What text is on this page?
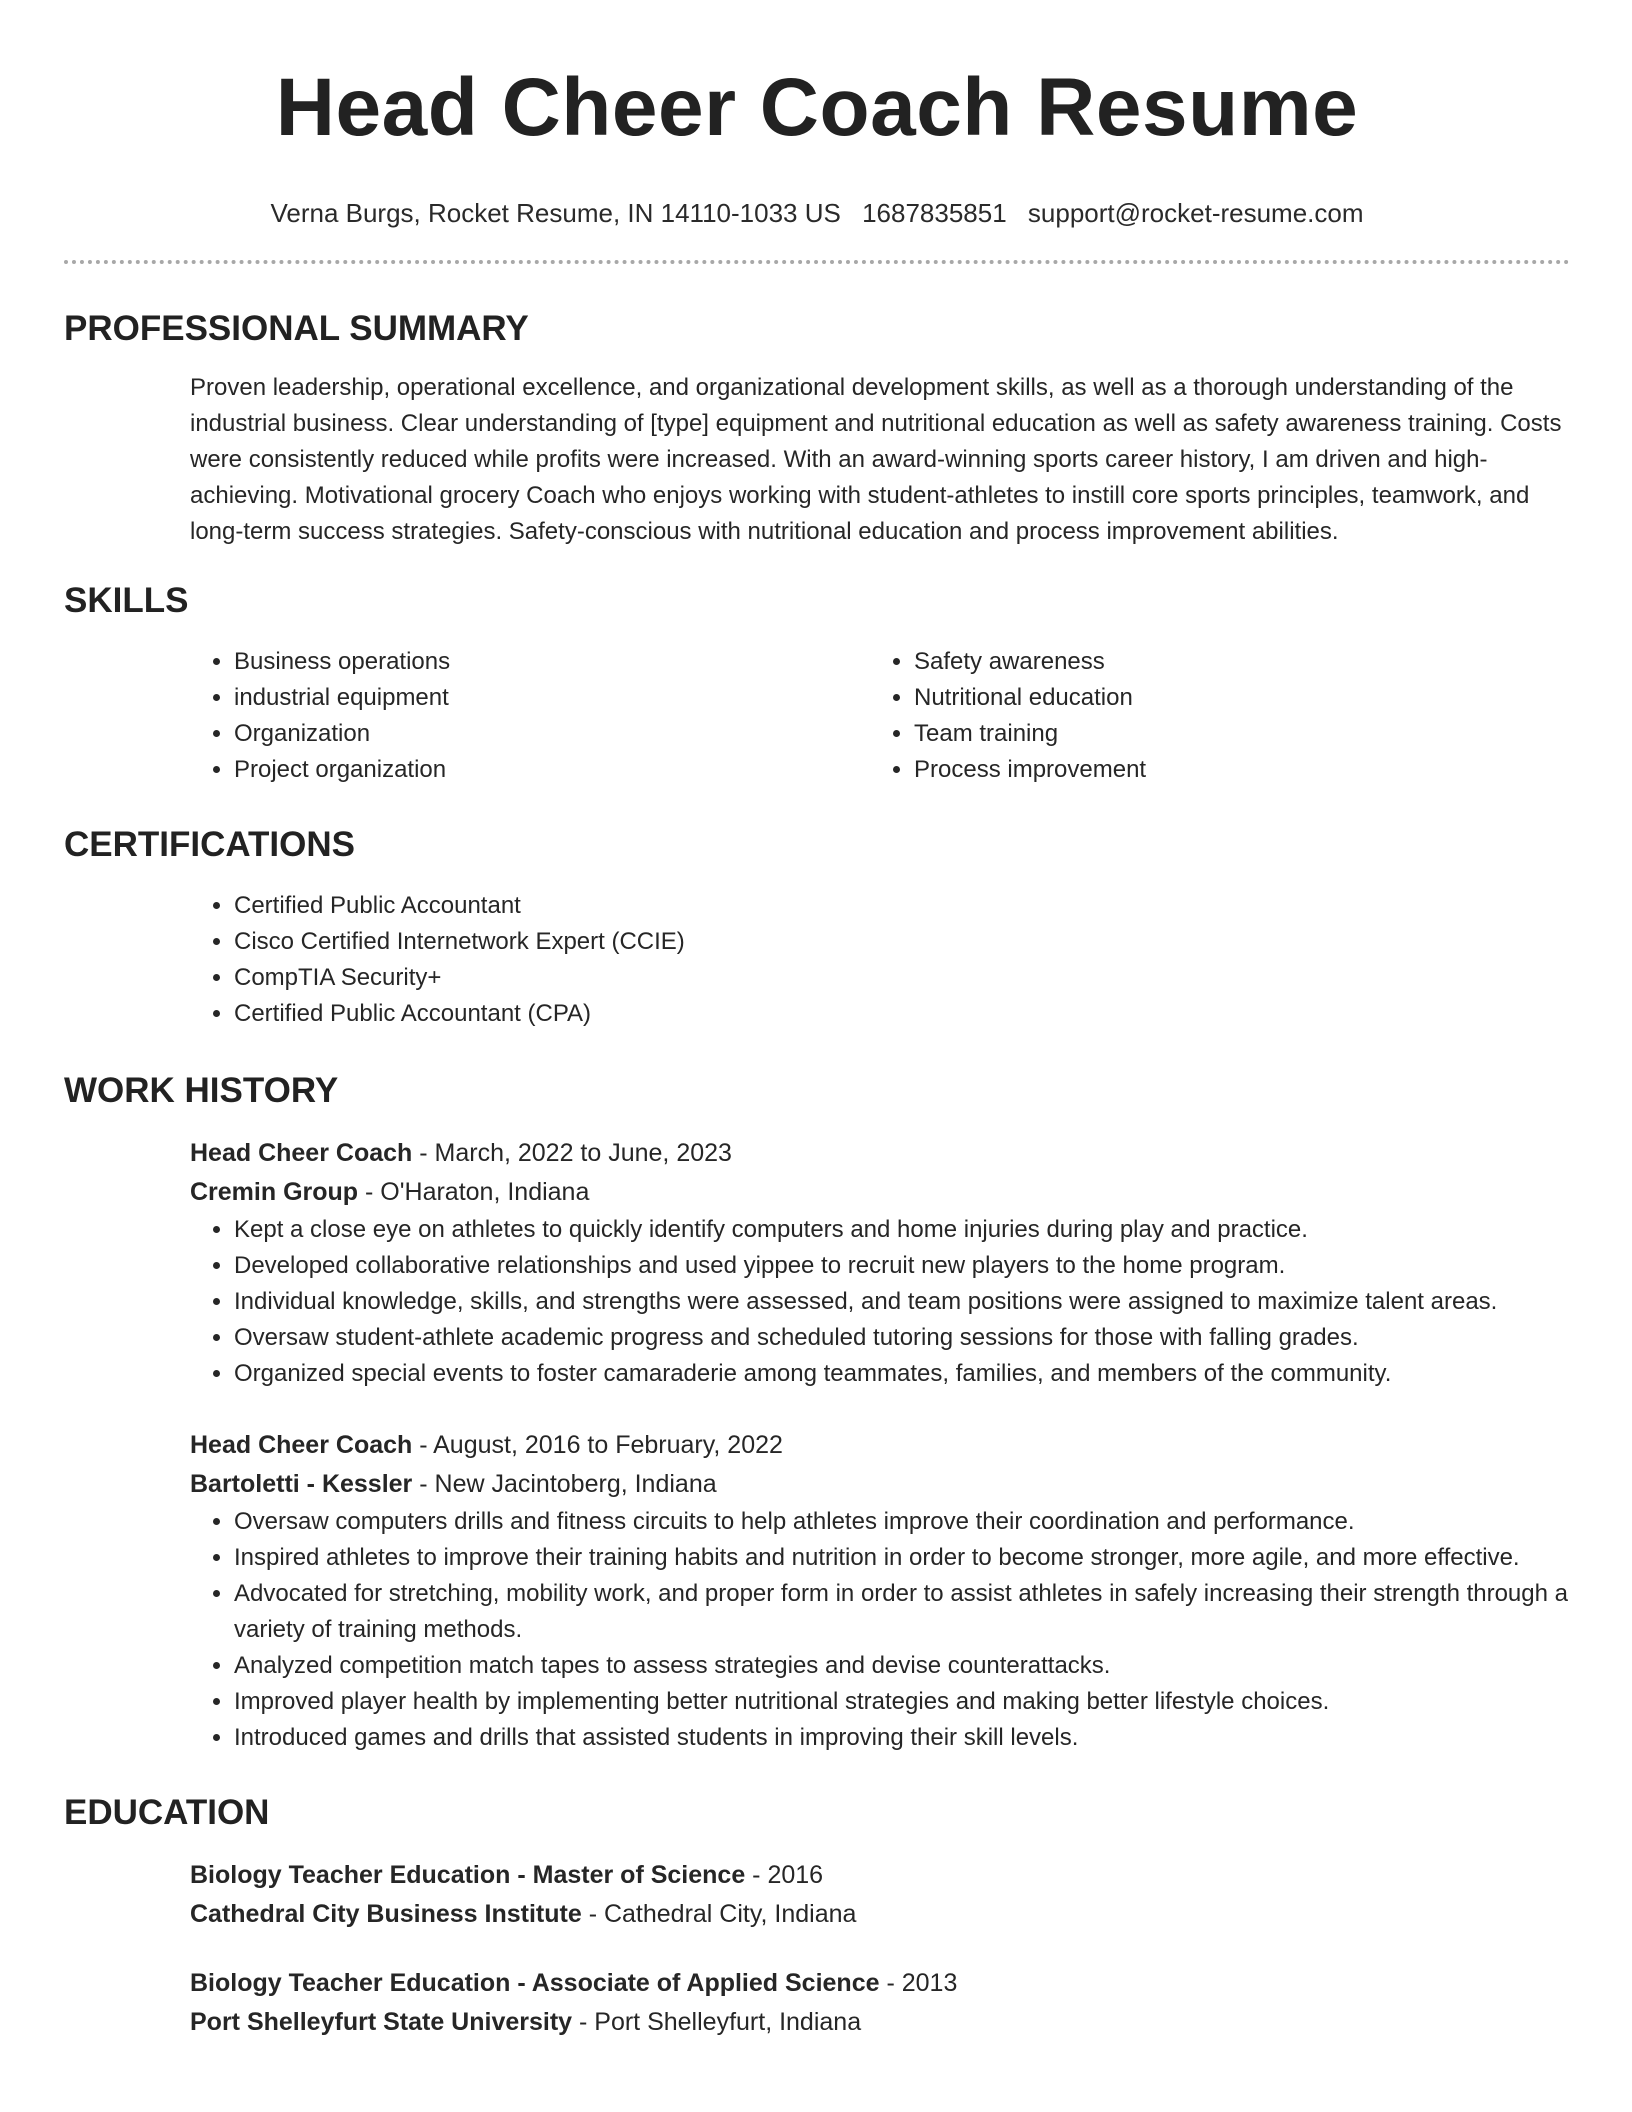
Head Cheer Coach Resume
Verna Burgs, Rocket Resume, IN 14110-1033 US 1687835851 support@rocket-resume.com
PROFESSIONAL SUMMARY
Proven leadership, operational excellence, and organizational development skills, as well as a thorough understanding of the industrial business. Clear understanding of [type] equipment and nutritional education as well as safety awareness training. Costs were consistently reduced while profits were increased. With an award-winning sports career history, I am driven and high-achieving. Motivational grocery Coach who enjoys working with student-athletes to instill core sports principles, teamwork, and long-term success strategies. Safety-conscious with nutritional education and process improvement abilities.
SKILLS
• Business operations
• industrial equipment
• Organization
• Project organization
• Safety awareness
• Nutritional education
• Team training
• Process improvement
CERTIFICATIONS
• Certified Public Accountant
• Cisco Certified Internetwork Expert (CCIE)
• CompTIA Security+
• Certified Public Accountant (CPA)
WORK HISTORY
Head Cheer Coach - March, 2022 to June, 2023
Cremin Group - O'Haraton, Indiana
• Kept a close eye on athletes to quickly identify computers and home injuries during play and practice.
• Developed collaborative relationships and used yippee to recruit new players to the home program.
• Individual knowledge, skills, and strengths were assessed, and team positions were assigned to maximize talent areas.
• Oversaw student-athlete academic progress and scheduled tutoring sessions for those with falling grades.
• Organized special events to foster camaraderie among teammates, families, and members of the community.
Head Cheer Coach - August, 2016 to February, 2022
Bartoletti - Kessler - New Jacintoberg, Indiana
• Oversaw computers drills and fitness circuits to help athletes improve their coordination and performance.
• Inspired athletes to improve their training habits and nutrition in order to become stronger, more agile, and more effective.
• Advocated for stretching, mobility work, and proper form in order to assist athletes in safely increasing their strength through a variety of training methods.
• Analyzed competition match tapes to assess strategies and devise counterattacks.
• Improved player health by implementing better nutritional strategies and making better lifestyle choices.
• Introduced games and drills that assisted students in improving their skill levels.
EDUCATION
Biology Teacher Education - Master of Science - 2016
Cathedral City Business Institute - Cathedral City, Indiana
Biology Teacher Education - Associate of Applied Science - 2013
Port Shelleyfurt State University - Port Shelleyfurt, Indiana
